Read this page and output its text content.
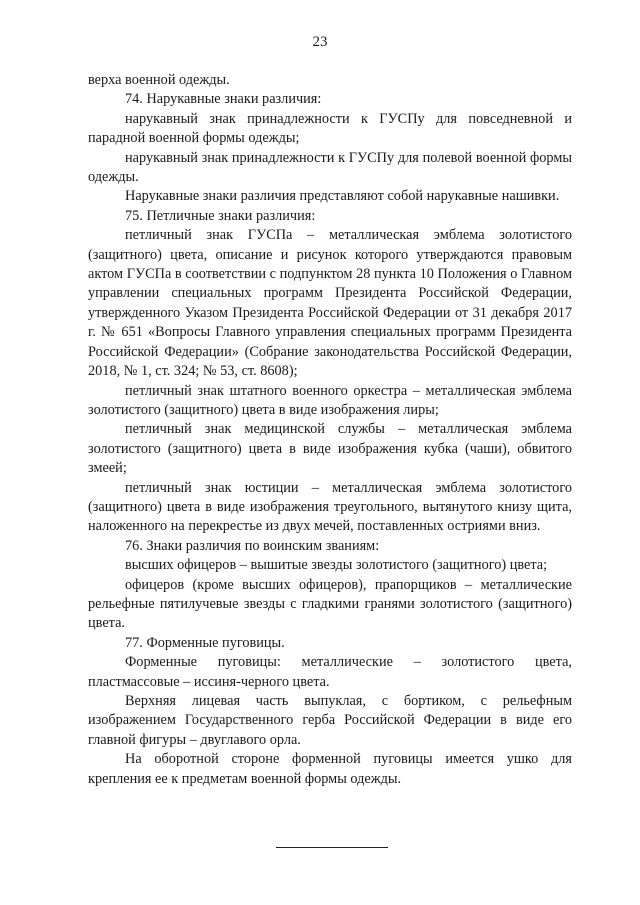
23

верха военной одежды.

74. Нарукавные знаки различия:

нарукавный знак принадлежности к ГУСПу для повседневной и парадной военной формы одежды;

нарукавный знак принадлежности к ГУСПу для полевой военной формы одежды.

Нарукавные знаки различия представляют собой нарукавные нашивки.

75. Петличные знаки различия:

петличный знак ГУСПа – металлическая эмблема золотистого (защитного) цвета, описание и рисунок которого утверждаются правовым актом ГУСПа в соответствии с подпунктом 28 пункта 10 Положения о Главном управлении специальных программ Президента Российской Федерации, утвержденного Указом Президента Российской Федерации от 31 декабря 2017 г. № 651 «Вопросы Главного управления специальных программ Президента Российской Федерации» (Собрание законодательства Российской Федерации, 2018, № 1, ст. 324; № 53, ст. 8608);

петличный знак штатного военного оркестра – металлическая эмблема золотистого (защитного) цвета в виде изображения лиры;

петличный знак медицинской службы – металлическая эмблема золотистого (защитного) цвета в виде изображения кубка (чаши), обвитого змеей;

петличный знак юстиции – металлическая эмблема золотистого (защитного) цвета в виде изображения треугольного, вытянутого книзу щита, наложенного на перекрестье из двух мечей, поставленных остриями вниз.

76. Знаки различия по воинским званиям:

высших офицеров – вышитые звезды золотистого (защитного) цвета;

офицеров (кроме высших офицеров), прапорщиков – металлические рельефные пятилучевые звезды с гладкими гранями золотистого (защитного) цвета.

77. Форменные пуговицы.

Форменные пуговицы: металлические – золотистого цвета, пластмассовые – иссиня-черного цвета.

Верхняя лицевая часть выпуклая, с бортиком, с рельефным изображением Государственного герба Российской Федерации в виде его главной фигуры – двуглавого орла.

На оборотной стороне форменной пуговицы имеется ушко для крепления ее к предметам военной формы одежды.
